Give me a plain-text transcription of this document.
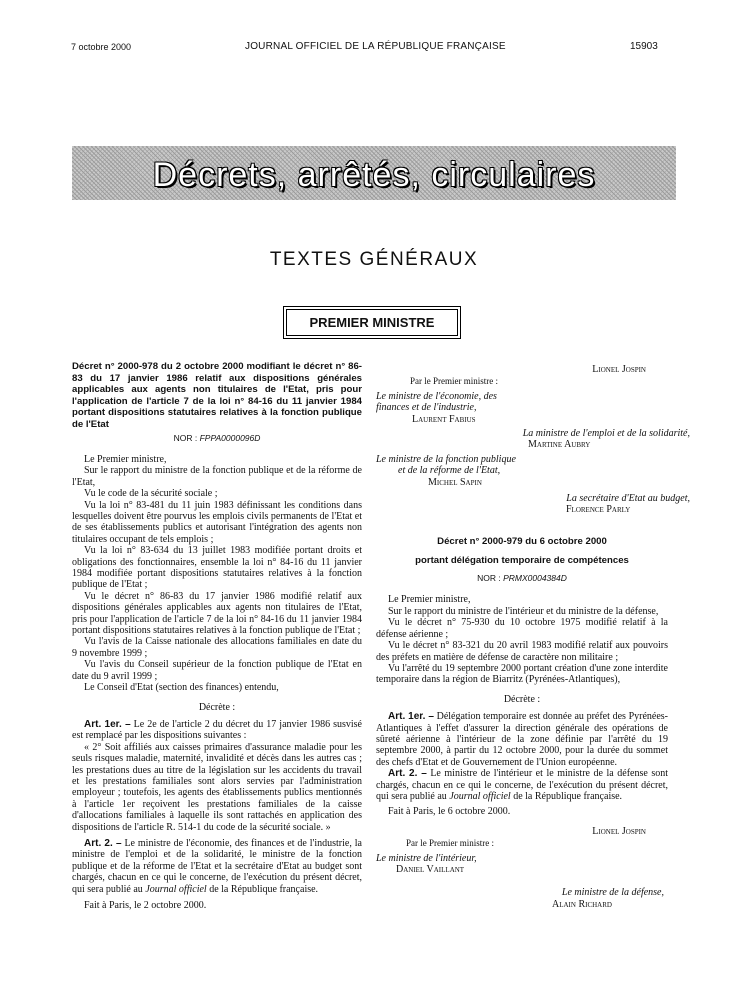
7 octobre 2000	JOURNAL OFFICIEL DE LA RÉPUBLIQUE FRANÇAISE	15903
Décrets, arrêtés, circulaires
TEXTES GÉNÉRAUX
PREMIER MINISTRE

Décret n° 2000-978 du 2 octobre 2000 modifiant le décret n° 86-83 du 17 janvier 1986 relatif aux dispositions générales applicables aux agents non titulaires de l'Etat, pris pour l'application de l'article 7 de la loi n° 84-16 du 11 janvier 1984 portant dispositions statutaires relatives à la fonction publique de l'Etat

NOR : FPPA0000096D

Le Premier ministre,

Sur le rapport du ministre de la fonction publique et de la réforme de l'Etat,

Vu le code de la sécurité sociale ;

Vu la loi n° 83-481 du 11 juin 1983 définissant les conditions dans lesquelles doivent être pourvus les emplois civils permanents de l'Etat et de ses établissements publics et autorisant l'intégration des agents non titulaires occupant de tels emplois ;

Vu la loi n° 83-634 du 13 juillet 1983 modifiée portant droits et obligations des fonctionnaires, ensemble la loi n° 84-16 du 11 janvier 1984 modifiée portant dispositions statutaires relatives à la fonction publique de l'Etat ;

Vu le décret n° 86-83 du 17 janvier 1986 modifié relatif aux dispositions générales applicables aux agents non titulaires de l'Etat, pris pour l'application de l'article 7 de la loi n° 84-16 du 11 janvier 1984 portant dispositions statutaires relatives à la fonction publique de l'Etat ;

Vu l'avis de la Caisse nationale des allocations familiales en date du 9 novembre 1999 ;

Vu l'avis du Conseil supérieur de la fonction publique de l'Etat en date du 9 avril 1999 ;

Le Conseil d'Etat (section des finances) entendu,

Décrète :

Art. 1er. – Le 2e de l'article 2 du décret du 17 janvier 1986 susvisé est remplacé par les dispositions suivantes :

« 2° Soit affiliés aux caisses primaires d'assurance maladie pour les seuls risques maladie, maternité, invalidité et décès dans les autres cas ; les prestations dues au titre de la législation sur les accidents du travail et les prestations familiales sont alors servies par l'administration employeur ; toutefois, les agents des établissements publics mentionnés à l'article 1er reçoivent les prestations familiales de la caisse d'allocations familiales à laquelle ils sont rattachés en application des dispositions de l'article R. 514-1 du code de la sécurité sociale. »

Art. 2. – Le ministre de l'économie, des finances et de l'industrie, la ministre de l'emploi et de la solidarité, le ministre de la fonction publique et de la réforme de l'Etat et la secrétaire d'Etat au budget sont chargés, chacun en ce qui le concerne, de l'exécution du présent décret, qui sera publié au Journal officiel de la République française.

Fait à Paris, le 2 octobre 2000.

Lionel Jospin

Par le Premier ministre :

Le ministre de l'économie, des finances et de l'industrie,

Laurent Fabius

La ministre de l'emploi et de la solidarité,

Martine Aubry

Le ministre de la fonction publique

et de la réforme de l'Etat,

Michel Sapin

La secrétaire d'Etat au budget,

Florence Parly

Décret n° 2000-979 du 6 octobre 2000

portant délégation temporaire de compétences

NOR : PRMX0004384D

Le Premier ministre,

Sur le rapport du ministre de l'intérieur et du ministre de la défense,

Vu le décret n° 75-930 du 10 octobre 1975 modifié relatif à la défense aérienne ;

Vu le décret n° 83-321 du 20 avril 1983 modifié relatif aux pouvoirs des préfets en matière de défense de caractère non militaire ;

Vu l'arrêté du 19 septembre 2000 portant création d'une zone interdite temporaire dans la région de Biarritz (Pyrénées-Atlantiques),

Décrète :

Art. 1er. – Délégation temporaire est donnée au préfet des Pyrénées-Atlantiques à l'effet d'assurer la direction générale des opérations de sûreté aérienne à l'intérieur de la zone définie par l'arrêté du 19 septembre 2000, à partir du 12 octobre 2000, pour la durée du sommet des chefs d'Etat et de Gouvernement de l'Union européenne.

Art. 2. – Le ministre de l'intérieur et le ministre de la défense sont chargés, chacun en ce qui le concerne, de l'exécution du présent décret, qui sera publié au Journal officiel de la République française.

Fait à Paris, le 6 octobre 2000.

Lionel Jospin

Par le Premier ministre :

Le ministre de l'intérieur,

Daniel Vaillant

Le ministre de la défense,

Alain Richard
